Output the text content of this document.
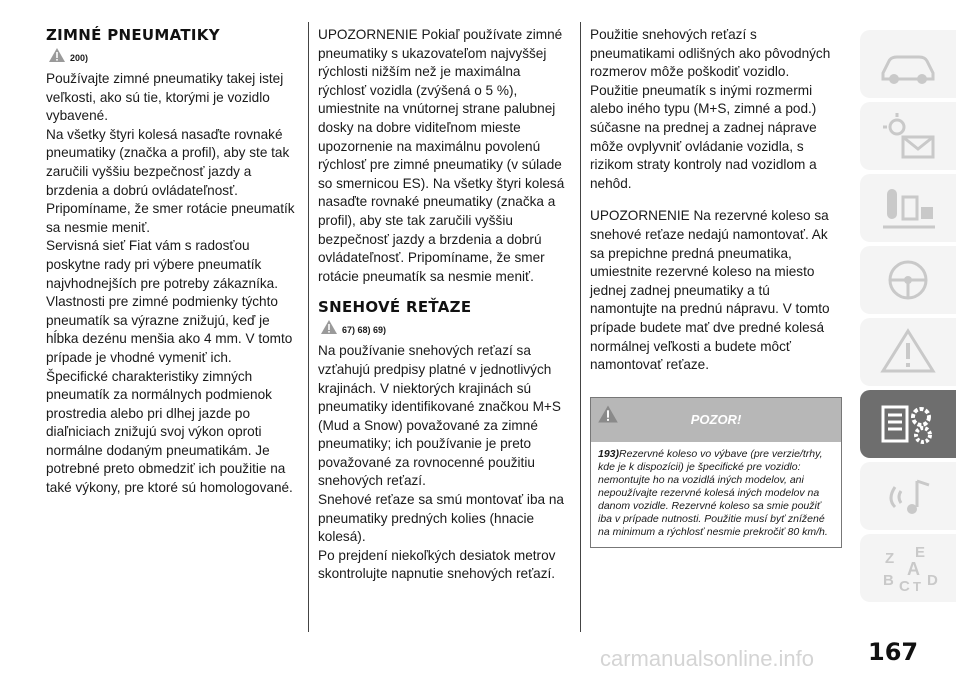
ZIMNÉ PNEUMATIKY
200)

Používajte zimné pneumatiky takej istej veľkosti, ako sú tie, ktorými je vozidlo vybavené.

Na všetky štyri kolesá nasaďte rovnaké pneumatiky (značka a profil), aby ste tak zaručili vyššiu bezpečnosť jazdy a brzdenia a dobrú ovládateľnosť. Pripomíname, že smer rotácie pneumatík sa nesmie meniť.

Servisná sieť Fiat vám s radosťou poskytne rady pri výbere pneumatík najvhodnejších pre potreby zákazníka. Vlastnosti pre zimné podmienky týchto pneumatík sa výrazne znižujú, keď je hĺbka dezénu menšia ako 4 mm. V tomto prípade je vhodné vymeniť ich. Špecifické charakteristiky zimných pneumatík za normálnych podmienok prostredia alebo pri dlhej jazde po diaľniciach znižujú svoj výkon oproti normálne dodaným pneumatikám. Je potrebné preto obmedziť ich použitie na také výkony, pre ktoré sú homologované.

UPOZORNENIE Pokiaľ používate zimné pneumatiky s ukazovateľom najvyššej rýchlosti nižším než je maximálna rýchlosť vozidla (zvýšená o 5 %), umiestnite na vnútornej strane palubnej dosky na dobre viditeľnom mieste upozornenie na maximálnu povolenú rýchlosť pre zimné pneumatiky (v súlade so smernicou ES). Na všetky štyri kolesá nasaďte rovnaké pneumatiky (značka a profil), aby ste tak zaručili vyššiu bezpečnosť jazdy a brzdenia a dobrú ovládateľnosť. Pripomíname, že smer rotácie pneumatík sa nesmie meniť.

SNEHOVÉ REŤAZE
67) 68) 69)

Na používanie snehových reťazí sa vzťahujú predpisy platné v jednotlivých krajinách. V niektorých krajinách sú pneumatiky identifikované značkou M+S (Mud a Snow) považované za zimné pneumatiky; ich používanie je preto považované za rovnocenné použitiu snehových reťazí.

Snehové reťaze sa smú montovať iba na pneumatiky predných kolies (hnacie kolesá).

Po prejdení niekoľkých desiatok metrov skontrolujte napnutie snehových reťazí.

Použitie snehových reťazí s pneumatikami odlišných ako pôvodných rozmerov môže poškodiť vozidlo.

Použitie pneumatík s inými rozmermi alebo iného typu (M+S, zimné a pod.) súčasne na prednej a zadnej náprave môže ovplyvniť ovládanie vozidla, s rizikom straty kontroly nad vozidlom a nehôd.

UPOZORNENIE Na rezervné koleso sa snehové reťaze nedajú namontovať. Ak sa prepichne predná pneumatika, umiestnite rezervné koleso na miesto jednej zadnej pneumatiky a tú namontujte na prednú nápravu. V tomto prípade budete mať dve predné kolesá normálnej veľkosti a budete môcť namontovať reťaze.

POZOR!

193)Rezervné koleso vo výbave (pre verzie/trhy, kde je k dispozícii) je špecifické pre vozidlo: nemontujte ho na vozidlá iných modelov, ani nepoužívajte rezervné kolesá iných modelov na danom vozidle. Rezervné koleso sa smie použiť iba v prípade nutnosti. Použitie musí byť znížené na minimum a rýchlosť nesmie prekročiť 80 km/h.

Z E
B
A
C T D
carmanualsonline.info 167
